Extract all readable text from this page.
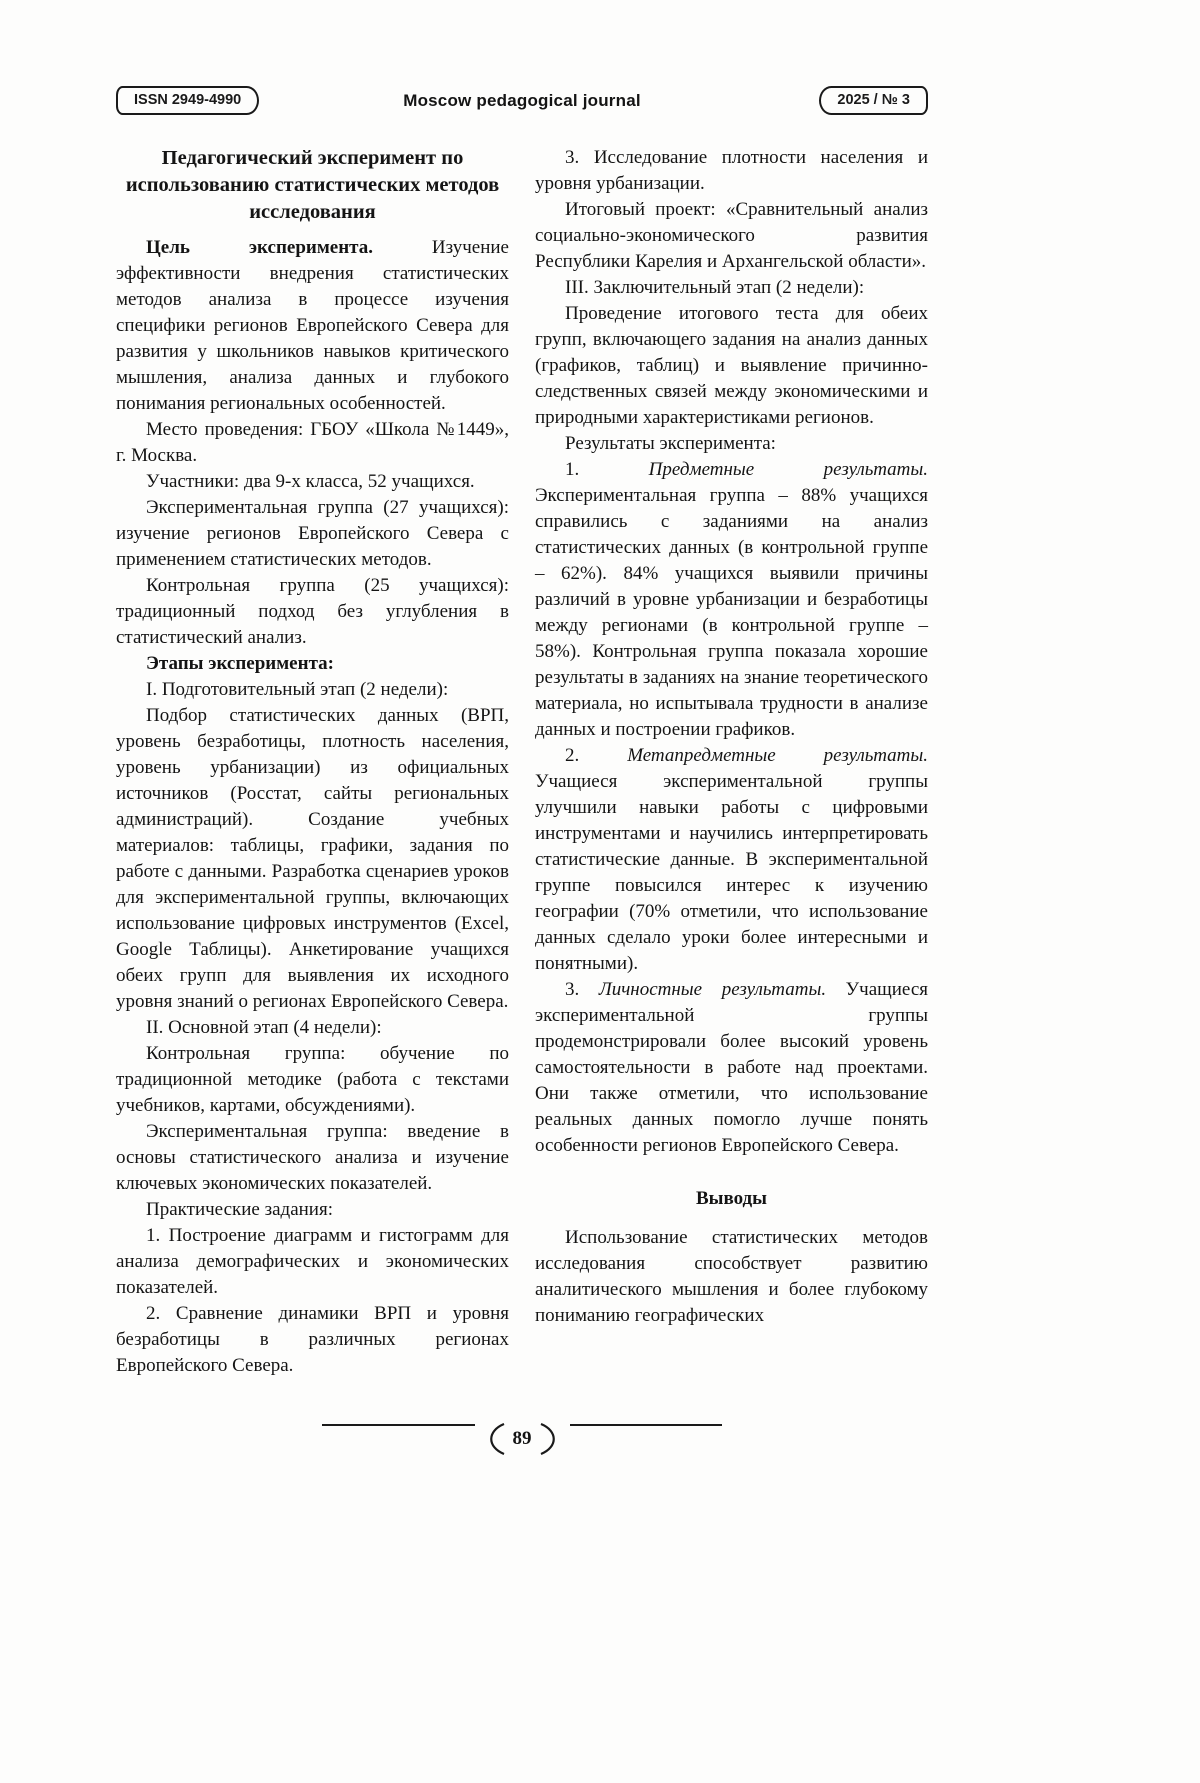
ISSN 2949-4990	Moscow pedagogical journal	2025 / № 3

Педагогический эксперимент по использованию статистических методов исследования

Цель эксперимента. Изучение эффективности внедрения статистических методов анализа в процессе изучения специфики регионов Европейского Севера для развития у школьников навыков критического мышления, анализа данных и глубокого понимания региональных особенностей.

Место проведения: ГБОУ «Школа №1449», г. Москва.

Участники: два 9-х класса, 52 учащихся.

Экспериментальная группа (27 учащихся): изучение регионов Европейского Севера с применением статистических методов.

Контрольная группа (25 учащихся): традиционный подход без углубления в статистический анализ.

Этапы эксперимента:

I. Подготовительный этап (2 недели):

Подбор статистических данных (ВРП, уровень безработицы, плотность населения, уровень урбанизации) из официальных источников (Росстат, сайты региональных администраций). Создание учебных материалов: таблицы, графики, задания по работе с данными. Разработка сценариев уроков для экспериментальной группы, включающих использование цифровых инструментов (Excel, Google Таблицы). Анкетирование учащихся обеих групп для выявления их исходного уровня знаний о регионах Европейского Севера.

II. Основной этап (4 недели):

Контрольная группа: обучение по традиционной методике (работа с текстами учебников, картами, обсуждениями).

Экспериментальная группа: введение в основы статистического анализа и изучение ключевых экономических показателей.

Практические задания:

1. Построение диаграмм и гистограмм для анализа демографических и экономических показателей.

2. Сравнение динамики ВРП и уровня безработицы в различных регионах Европейского Севера.

3. Исследование плотности населения и уровня урбанизации.

Итоговый проект: «Сравнительный анализ социально-экономического развития Республики Карелия и Архангельской области».

III. Заключительный этап (2 недели):

Проведение итогового теста для обеих групп, включающего задания на анализ данных (графиков, таблиц) и выявление причинно-следственных связей между экономическими и природными характеристиками регионов.

Результаты эксперимента:

1. Предметные результаты. Экспериментальная группа – 88% учащихся справились с заданиями на анализ статистических данных (в контрольной группе – 62%). 84% учащихся выявили причины различий в уровне урбанизации и безработицы между регионами (в контрольной группе – 58%). Контрольная группа показала хорошие результаты в заданиях на знание теоретического материала, но испытывала трудности в анализе данных и построении графиков.

2. Метапредметные результаты. Учащиеся экспериментальной группы улучшили навыки работы с цифровыми инструментами и научились интерпретировать статистические данные. В экспериментальной группе повысился интерес к изучению географии (70% отметили, что использование данных сделало уроки более интересными и понятными).

3. Личностные результаты. Учащиеся экспериментальной группы продемонстрировали более высокий уровень самостоятельности в работе над проектами. Они также отметили, что использование реальных данных помогло лучше понять особенности регионов Европейского Севера.

Выводы

Использование статистических методов исследования способствует развитию аналитического мышления и более глубокому пониманию географических

89
